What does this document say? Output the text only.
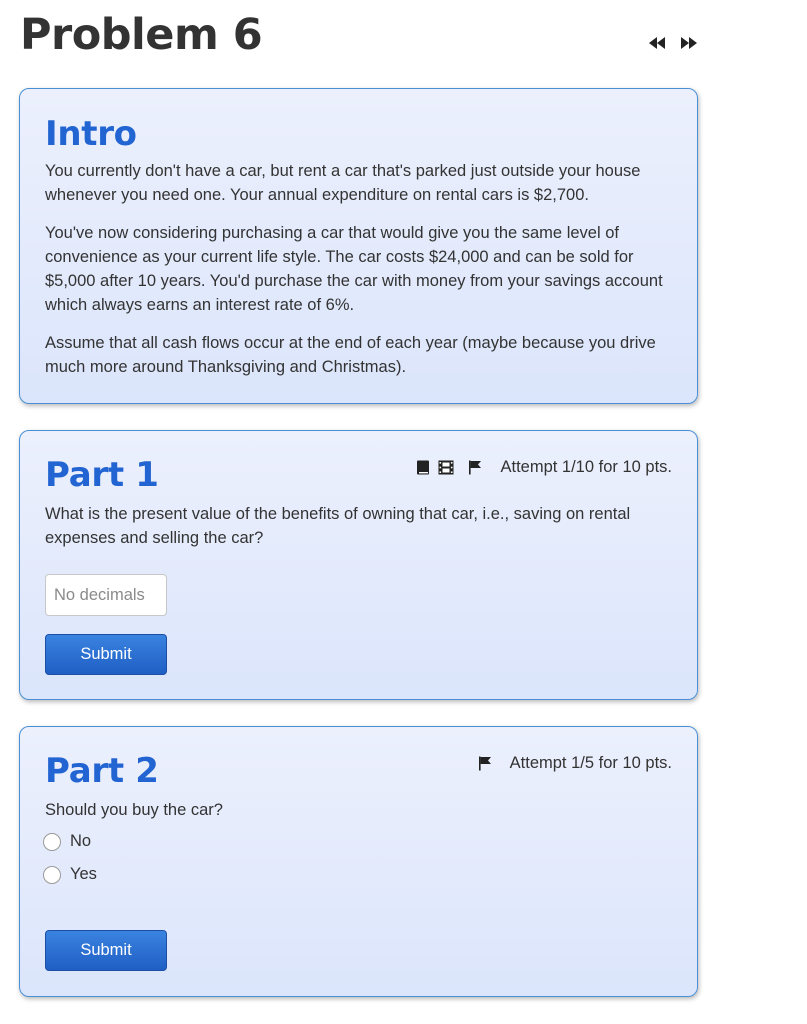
Problem 6
Intro

You currently don't have a car, but rent a car that's parked just outside your house whenever you need one. Your annual expenditure on rental cars is $2,700.

You've now considering purchasing a car that would give you the same level of convenience as your current life style. The car costs $24,000 and can be sold for $5,000 after 10 years. You'd purchase the car with money from your savings account which always earns an interest rate of 6%.

Assume that all cash flows occur at the end of each year (maybe because you drive much more around Thanksgiving and Christmas).

Part 1	Attempt 1/10 for 10 pts.
What is the present value of the benefits of owning that car, i.e., saving on rental expenses and selling the car?
No decimals
Submit
Part 2	Attempt 1/5 for 10 pts.
Should you buy the car?
No
Yes
Submit
